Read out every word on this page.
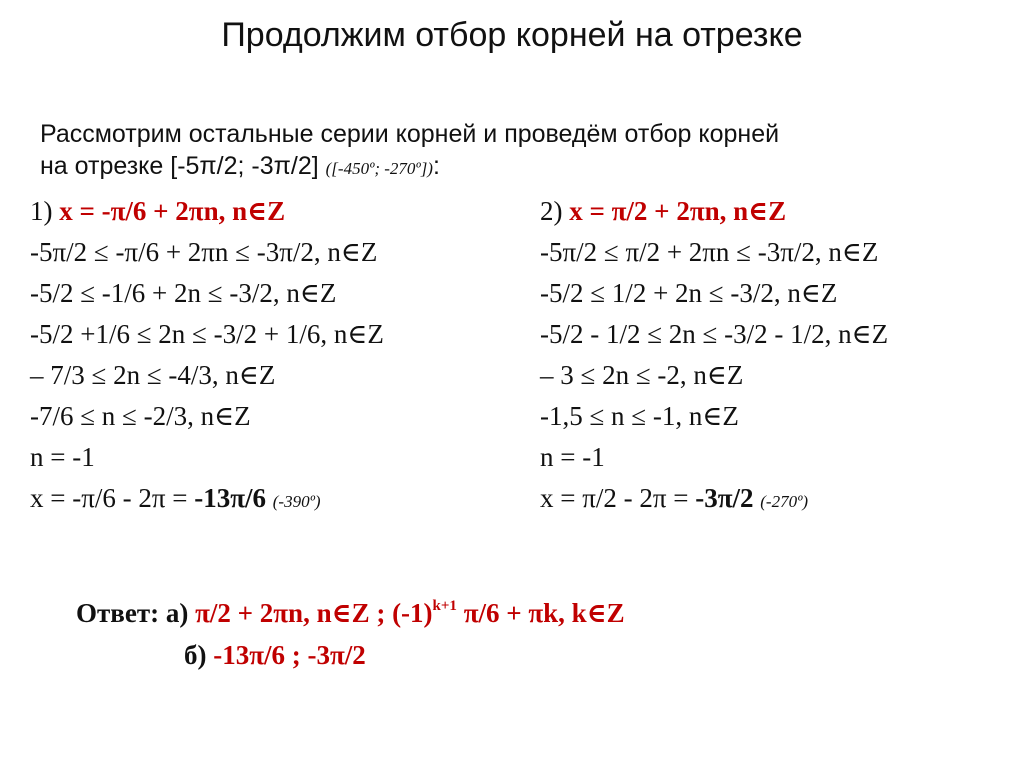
Продолжим отбор корней на отрезке
Рассмотрим остальные серии корней и проведём отбор корней
на отрезке [-5π/2; -3π/2] ([-450º; -270º]):
1) x = -π/6 + 2πn, n∈Z
-5π/2 ≤ -π/6 + 2πn ≤ -3π/2, n∈Z
-5/2 ≤ -1/6 + 2n ≤ -3/2, n∈Z
-5/2 +1/6 ≤ 2n ≤ -3/2 + 1/6, n∈Z
– 7/3 ≤ 2n ≤ -4/3, n∈Z
-7/6 ≤ n ≤ -2/3, n∈Z
n = -1
x = -π/6 - 2π = -13π/6 (-390º)
2) x = π/2 + 2πn, n∈Z
-5π/2 ≤ π/2 + 2πn ≤ -3π/2, n∈Z
-5/2 ≤ 1/2 + 2n ≤ -3/2, n∈Z
-5/2 - 1/2 ≤ 2n ≤ -3/2 - 1/2, n∈Z
– 3 ≤ 2n ≤ -2, n∈Z
-1,5 ≤ n ≤ -1, n∈Z
n = -1
x = π/2 - 2π = -3π/2 (-270º)
Ответ: а) π/2 + 2πn, n∈Z ; $(-1)^{k+1}$ π/6 + πk, k∈Z
б) -13π/6 ; -3π/2
